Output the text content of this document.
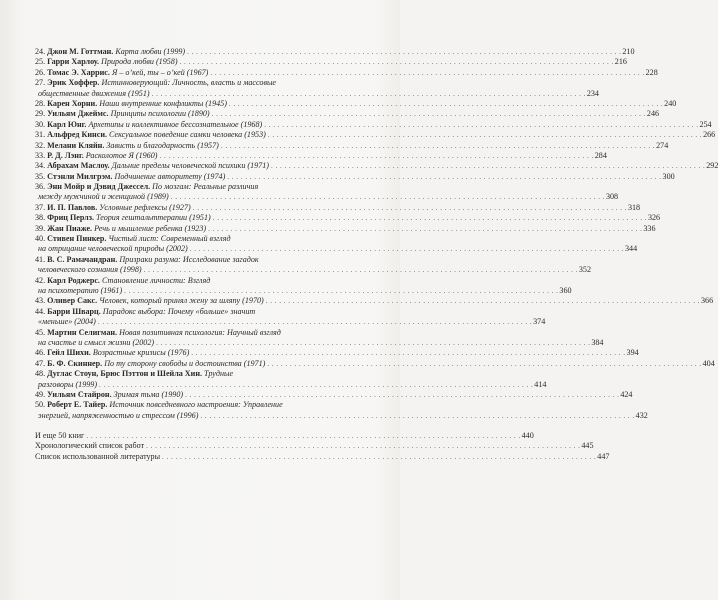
24. Джон М. Готтман. Карта любви (1999) . . .	210
25. Гарри Харлоу. Природа любви (1958) . . .	216
26. Томас Э. Харрис. Я – о’кей, ты – о’кей (1967) . . .	228
27. Эрик Хоффер. Истинноверующий: Личность, власть и массовые
общественные движения (1951) . . .	234
28. Карен Хорни. Наши внутренние конфликты (1945) . . .	240
29. Уильям Джеймс. Принципы психологии (1890) . . .	246
30. Карл Юнг. Архетипы и коллективное бессознательное (1968) . . .	254
31. Альфред Кинси. Сексуальное поведение самки человека (1953) . . .	266
32. Мелани Кляйн. Зависть и благодарность (1957) . . .	274
33. Р. Д. Лэнг. Расколотое Я (1960) . . .	284
34. Абрахам Маслоу. Дальние пределы человеческой психики (1971) . . .	292
35. Стэнли Милгрэм. Подчинение авторитету (1974) . . .	300
36. Энн Мойр и Дэвид Джессел. По мозгам: Реальные различия
между мужчиной и женщиной (1989) . . .	308
37. И. П. Павлов. Условные рефлексы (1927) . . .	318
38. Фриц Перлз. Теория гештальттерапии (1951) . . .	326
39. Жан Пиаже. Речь и мышление ребенка (1923) . . .	336
40. Стивен Пинкер. Чистый лист: Современный взгляд
на отрицание человеческой природы (2002) . . .	344
41. В. С. Рамачандран. Призраки разума: Исследование загадок
человеческого сознания (1998) . . .	352
42. Карл Роджерс. Становление личности: Взгляд
на психотерапию (1961) . . .	360
43. Оливер Сакс. Человек, который принял жену за шляпу (1970) . . .	366
44. Барри Шварц. Парадокс выбора: Почему «больше» значит
«меньше» (2004) . . .	374
45. Мартин Селигман. Новая позитивная психология: Научный взгляд
на счастье и смысл жизни (2002) . . .	384
46. Гейл Шихи. Возрастные кризисы (1976) . . .	394
47. Б. Ф. Скиннер. По ту сторону свободы и достоинства (1971) . . .	404
48. Дуглас Стоун, Брюс Пэттон и Шейла Хин. Трудные
разговоры (1999) . . .	414
49. Уильям Стайрон. Зримая тьма (1990) . . .	424
50. Роберт Е. Тайер. Источник повседневного настроения: Управление
энергией, напряженностью и стрессом (1996) . . .	432
И еще 50 книг . . .	440
Хронологический список работ . . .	445
Список использованной литературы . . .	447
